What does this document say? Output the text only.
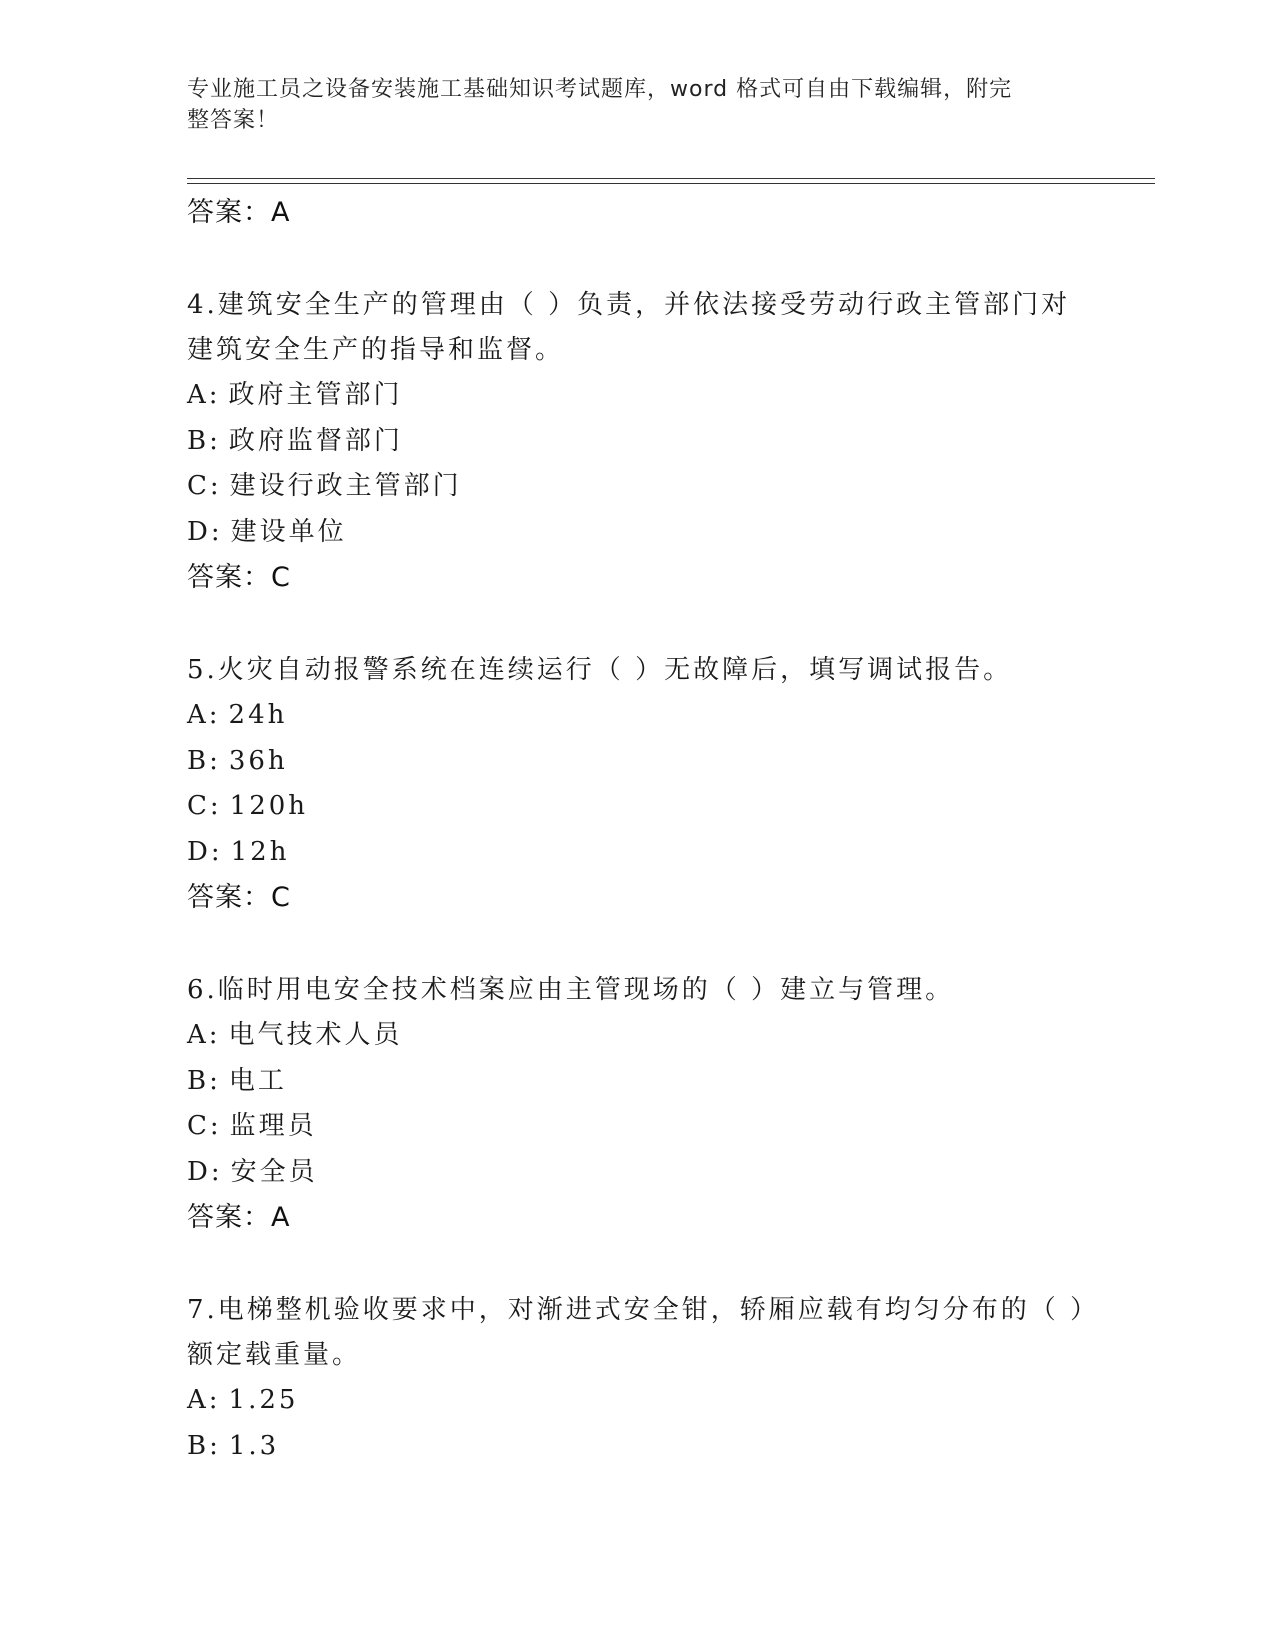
专业施工员之设备安装施工基础知识考试题库，word 格式可自由下载编辑，附完
整答案！
答案：A

4.建筑安全生产的管理由（ ）负责，并依法接受劳动行政主管部门对建筑安全生产的指导和监督。

A: 政府主管部门
B: 政府监督部门
C: 建设行政主管部门
D: 建设单位
答案：C

5.火灾自动报警系统在连续运行（ ）无故障后，填写调试报告。

A: 24h
B: 36h
C: 120h
D: 12h
答案：C

6.临时用电安全技术档案应由主管现场的（ ）建立与管理。

A: 电气技术人员
B: 电工
C: 监理员
D: 安全员
答案：A

7.电梯整机验收要求中，对渐进式安全钳，轿厢应载有均匀分布的（ ）额定载重量。

A: 1.25
B: 1.3
